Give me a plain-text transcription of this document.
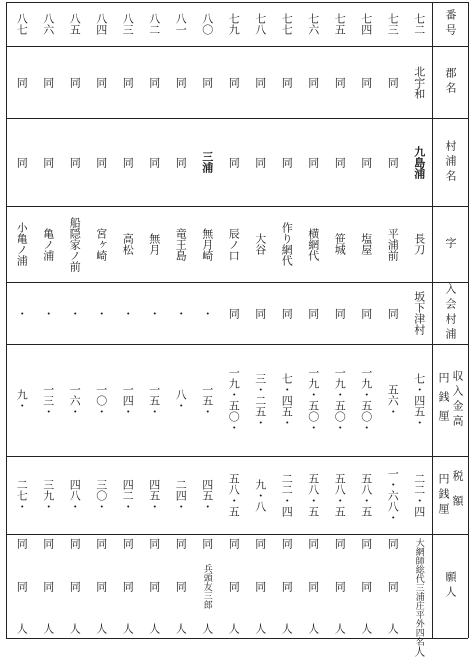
番号
郡名
村浦名
字
入会村浦
収入金高
円銭厘
税額
円銭厘
願人
七二
北宇和
九島浦
長刀
坂下津村
七・四五・
二二・四
大網師総代
三浦庄平外四名
人
七三
同
同
平浦前
同
五六・
一・六八・
同
同
人
七四
同
同
塩屋
同
一九・五〇・
五八・五
同
同
人
七五
同
同
笹城
同
一九・五〇・
五八・五
同
同
人
七六
同
同
横網代
同
一九・五〇・
五八・五
同
同
人
七七
同
同
作り網代
同
七・四五・
二二・四
同
同
人
七八
同
同
大谷
同
三・二五・
九・八
同
同
人
七九
同
同
辰ノ口
同
一九・五〇・
五八・五
同
同
人
八〇
同
三浦
無月崎
・
一五・
四五・
同
兵頭友三郎
人
八一
同
同
竜王島
・
八・
二四・
同
同
人
八二
同
同
無月
・
一五・
四五・
同
同
人
八三
同
同
高松
・
一四・
四二・
同
同
人
八四
同
同
宮ヶ崎
・
一〇・
三〇・
同
同
人
八五
同
同
船隠家ノ前
・
一六・
四八・
同
同
人
八六
同
同
亀ノ浦
・
一三・
三九・
同
同
人
八七
同
同
小亀ノ浦
・
九・
二七・
同
同
人
